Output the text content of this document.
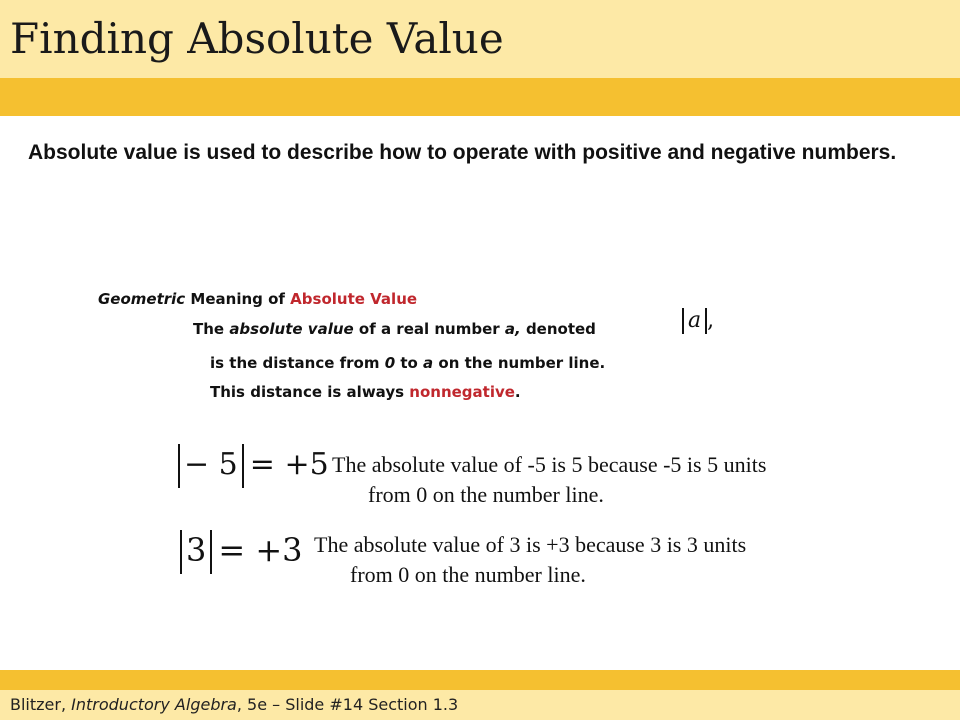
Finding Absolute Value
Absolute value is used to describe how to operate with positive and negative numbers.
Geometric Meaning of Absolute Value
The absolute value of a real number a, denoted	a ,
is the distance from 0 to a on the number line.
This distance is always nonnegative.
− 5 = +5 The absolute value of -5 is 5 because -5 is 5 units
from 0 on the number line.
3 = +3 The absolute value of 3 is +3 because 3 is 3 units
from 0 on the number line.
Blitzer, Introductory Algebra, 5e – Slide #14 Section 1.3
